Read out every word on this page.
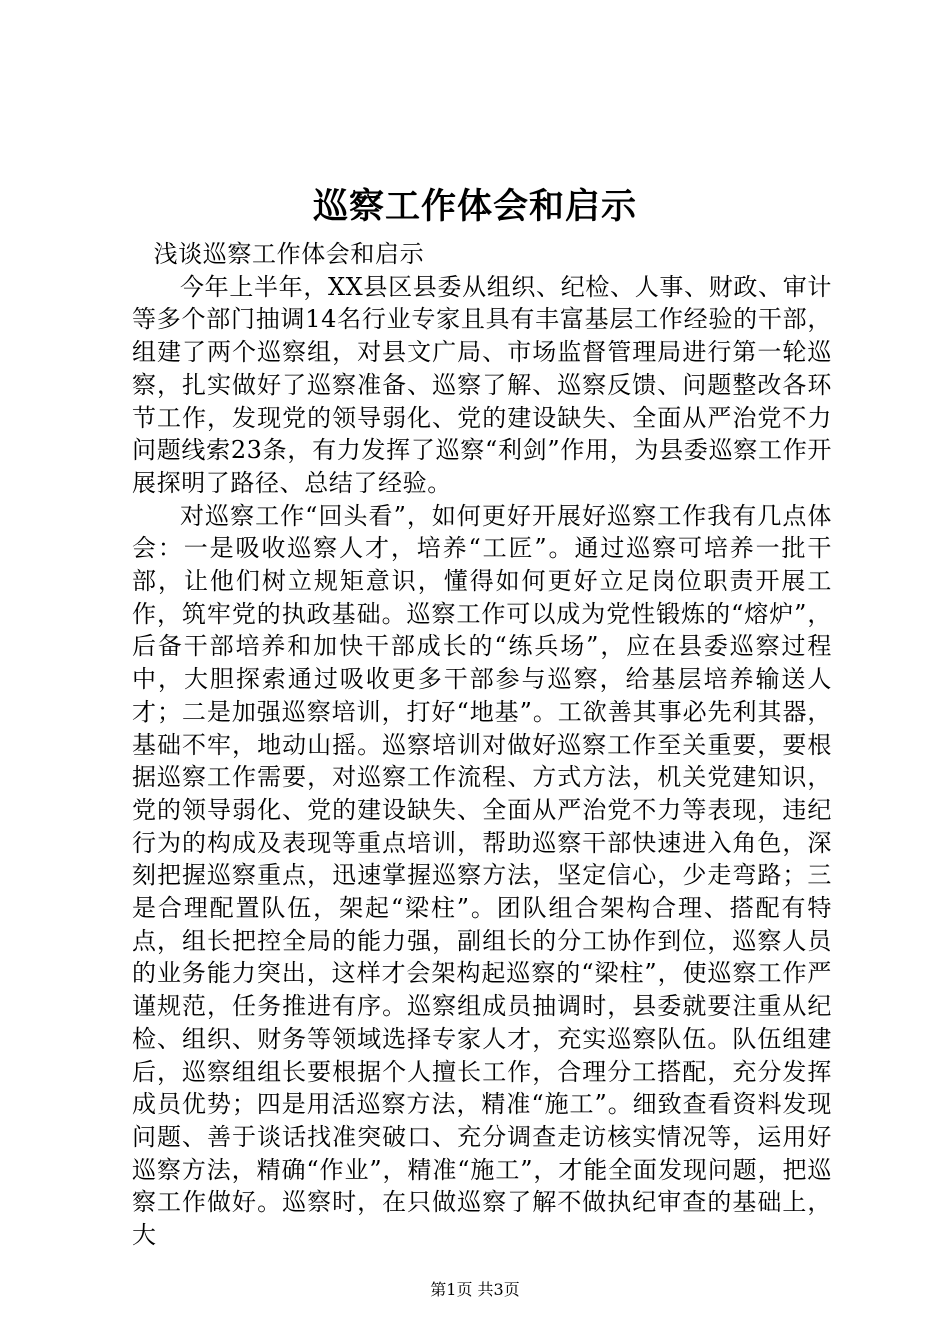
巡察工作体会和启示

浅谈巡察工作体会和启示

今年上半年，XX县区县委从组织、纪检、人事、财政、审计等多个部门抽调14名行业专家且具有丰富基层工作经验的干部，组建了两个巡察组，对县文广局、市场监督管理局进行第一轮巡察，扎实做好了巡察准备、巡察了解、巡察反馈、问题整改各环节工作，发现党的领导弱化、党的建设缺失、全面从严治党不力问题线索23条，有力发挥了巡察“利剑”作用，为县委巡察工作开展探明了路径、总结了经验。

对巡察工作“回头看”，如何更好开展好巡察工作我有几点体会：一是吸收巡察人才，培养“工匠”。通过巡察可培养一批干部，让他们树立规矩意识，懂得如何更好立足岗位职责开展工作，筑牢党的执政基础。巡察工作可以成为党性锻炼的“熔炉”，后备干部培养和加快干部成长的“练兵场”，应在县委巡察过程中，大胆探索通过吸收更多干部参与巡察，给基层培养输送人才；二是加强巡察培训，打好“地基”。工欲善其事必先利其器，基础不牢，地动山摇。巡察培训对做好巡察工作至关重要，要根据巡察工作需要，对巡察工作流程、方式方法，机关党建知识，党的领导弱化、党的建设缺失、全面从严治党不力等表现，违纪行为的构成及表现等重点培训，帮助巡察干部快速进入角色，深刻把握巡察重点，迅速掌握巡察方法，坚定信心，少走弯路；三是合理配置队伍，架起“梁柱”。团队组合架构合理、搭配有特点，组长把控全局的能力强，副组长的分工协作到位，巡察人员的业务能力突出，这样才会架构起巡察的“梁柱”，使巡察工作严谨规范，任务推进有序。巡察组成员抽调时，县委就要注重从纪检、组织、财务等领域选择专家人才，充实巡察队伍。队伍组建后，巡察组组长要根据个人擅长工作，合理分工搭配，充分发挥成员优势；四是用活巡察方法，精准“施工”。细致查看资料发现问题、善于谈话找准突破口、充分调查走访核实情况等，运用好巡察方法，精确“作业”，精准“施工”，才能全面发现问题，把巡察工作做好。巡察时，在只做巡察了解不做执纪审查的基础上，大

第1页 共3页
